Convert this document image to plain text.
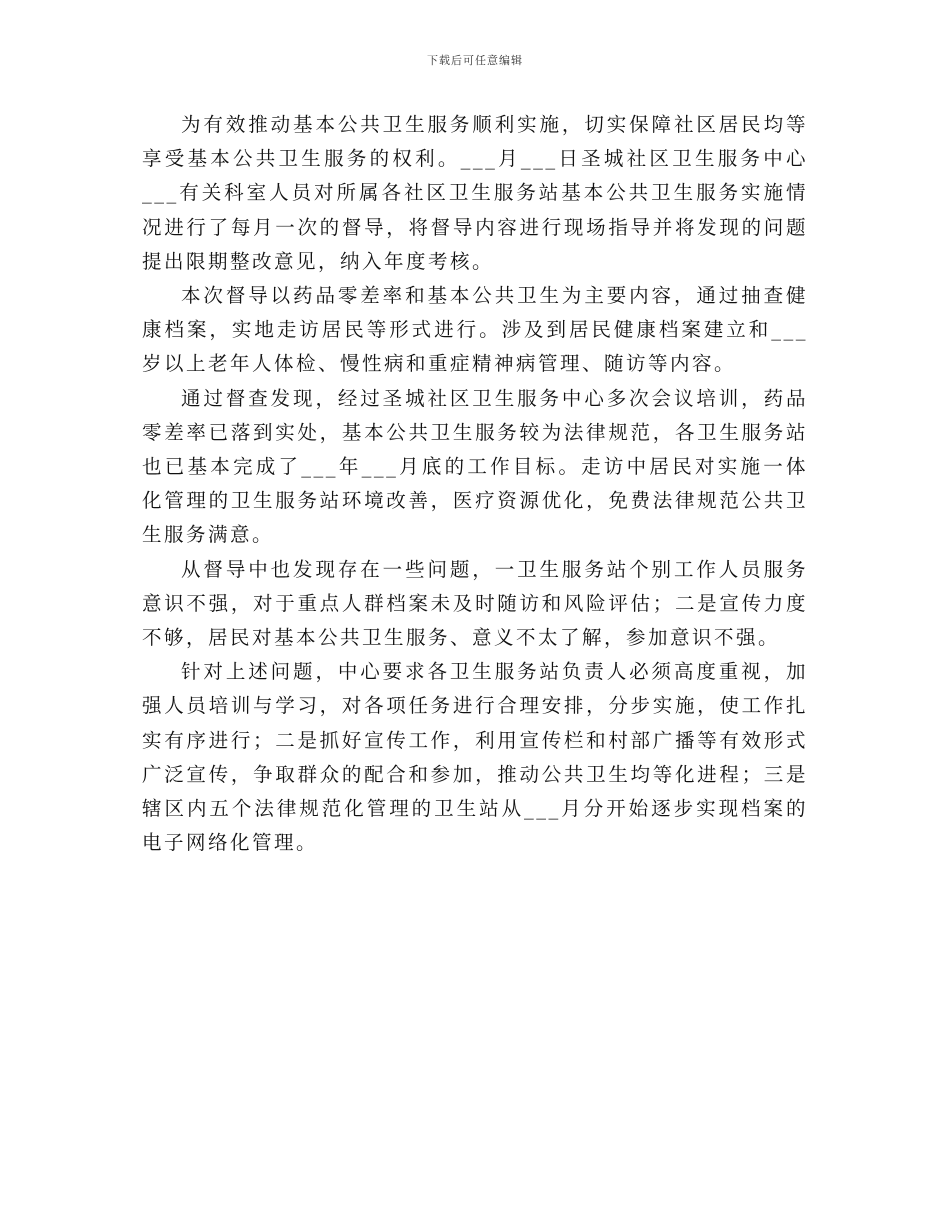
下载后可任意编辑

为有效推动基本公共卫生服务顺利实施，切实保障社区居民均等享受基本公共卫生服务的权利。___月___日圣城社区卫生服务中心___有关科室人员对所属各社区卫生服务站基本公共卫生服务实施情况进行了每月一次的督导，将督导内容进行现场指导并将发现的问题提出限期整改意见，纳入年度考核。

本次督导以药品零差率和基本公共卫生为主要内容，通过抽查健康档案，实地走访居民等形式进行。涉及到居民健康档案建立和___岁以上老年人体检、慢性病和重症精神病管理、随访等内容。

通过督查发现，经过圣城社区卫生服务中心多次会议培训，药品零差率已落到实处，基本公共卫生服务较为法律规范，各卫生服务站也已基本完成了___年___月底的工作目标。走访中居民对实施一体化管理的卫生服务站环境改善，医疗资源优化，免费法律规范公共卫生服务满意。

从督导中也发现存在一些问题，一卫生服务站个别工作人员服务意识不强，对于重点人群档案未及时随访和风险评估；二是宣传力度不够，居民对基本公共卫生服务、意义不太了解，参加意识不强。

针对上述问题，中心要求各卫生服务站负责人必须高度重视，加强人员培训与学习，对各项任务进行合理安排，分步实施，使工作扎实有序进行；二是抓好宣传工作，利用宣传栏和村部广播等有效形式广泛宣传，争取群众的配合和参加，推动公共卫生均等化进程；三是辖区内五个法律规范化管理的卫生站从___月分开始逐步实现档案的电子网络化管理。
